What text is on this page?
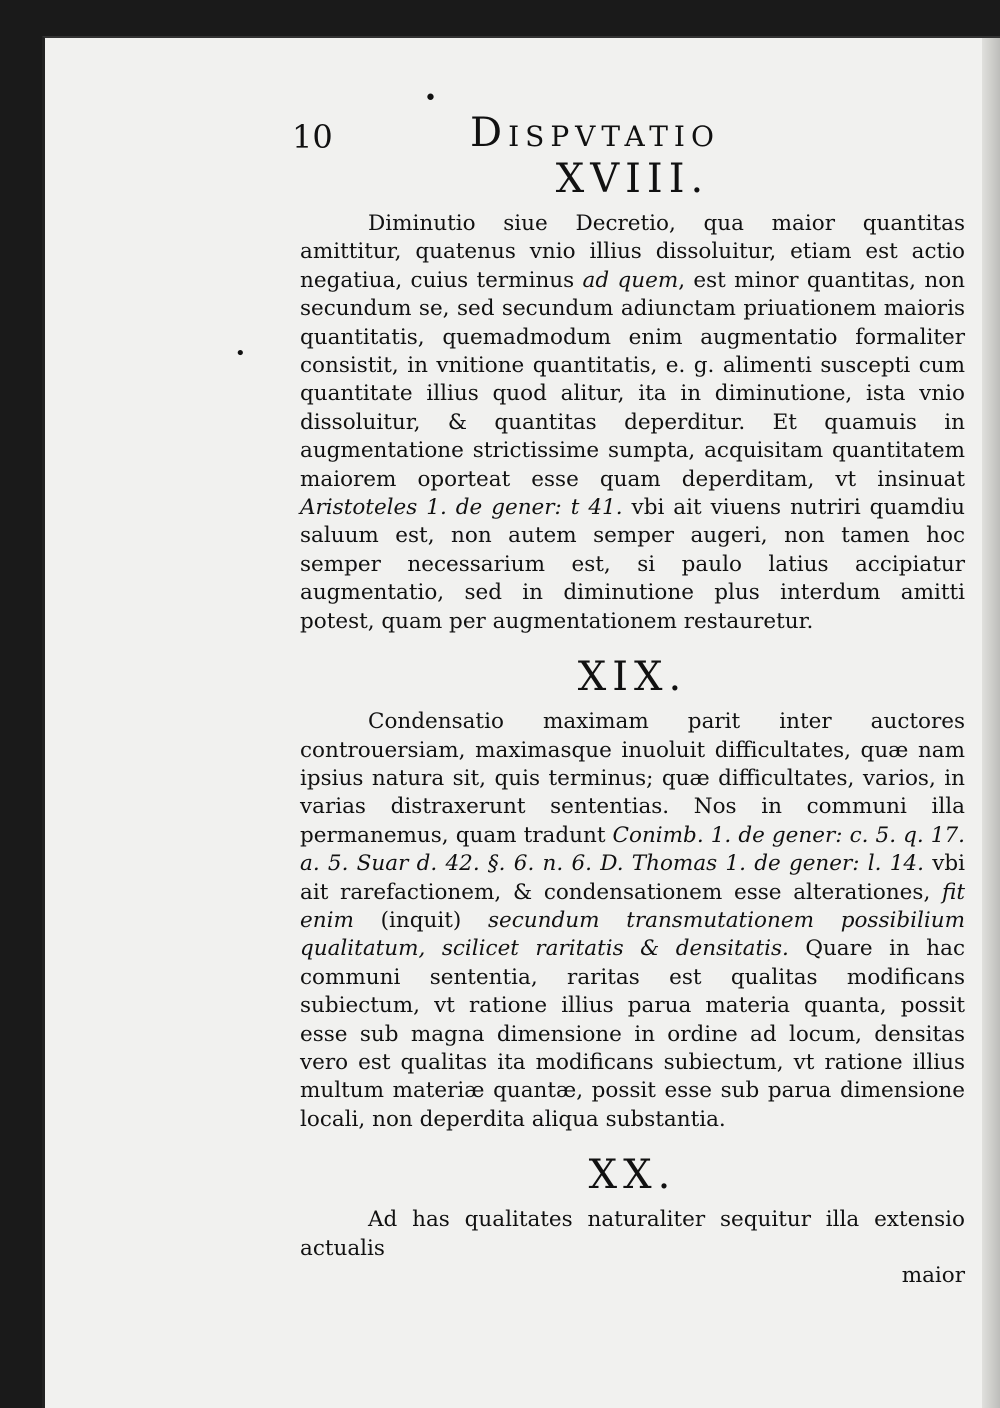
•
•
10	Dispvtatio

XVIII.

Diminutio siue Decretio, qua maior quantitas amittitur, quatenus vnio illius dissoluitur, etiam est actio negatiua, cuius terminus ad quem, est minor quantitas, non secundum se, sed secundum adiunctam priuationem maioris quantitatis, quemadmodum enim augmentatio formaliter consistit, in vnitione quantitatis, e. g. alimenti suscepti cum quantitate illius quod alitur, ita in diminutione, ista vnio dissoluitur, & quantitas deperditur. Et quamuis in augmentatione strictissime sumpta, acquisitam quantitatem maiorem oporteat esse quam deperditam, vt insinuat Aristoteles 1. de gener: t 41. vbi ait viuens nutriri quamdiu saluum est, non autem semper augeri, non tamen hoc semper necessarium est, si paulo latius accipiatur augmentatio, sed in diminutione plus interdum amitti potest, quam per augmentationem restauretur.

XIX.

Condensatio maximam parit inter auctores controuersiam, maximasque inuoluit difficultates, quæ nam ipsius natura sit, quis terminus; quæ difficultates, varios, in varias distraxerunt sententias. Nos in communi illa permanemus, quam tradunt Conimb. 1. de gener: c. 5. q. 17. a. 5. Suar d. 42. §. 6. n. 6. D. Thomas 1. de gener: l. 14. vbi ait rarefactionem, & condensationem esse alterationes, fit enim (inquit) secundum transmutationem possibilium qualitatum, scilicet raritatis & densitatis. Quare in hac communi sententia, raritas est qualitas modificans subiectum, vt ratione illius parua materia quanta, possit esse sub magna dimensione in ordine ad locum, densitas vero est qualitas ita modificans subiectum, vt ratione illius multum materiæ quantæ, possit esse sub parua dimensione locali, non deperdita aliqua substantia.

XX.

Ad has qualitates naturaliter sequitur illa extensio actualis

maior
